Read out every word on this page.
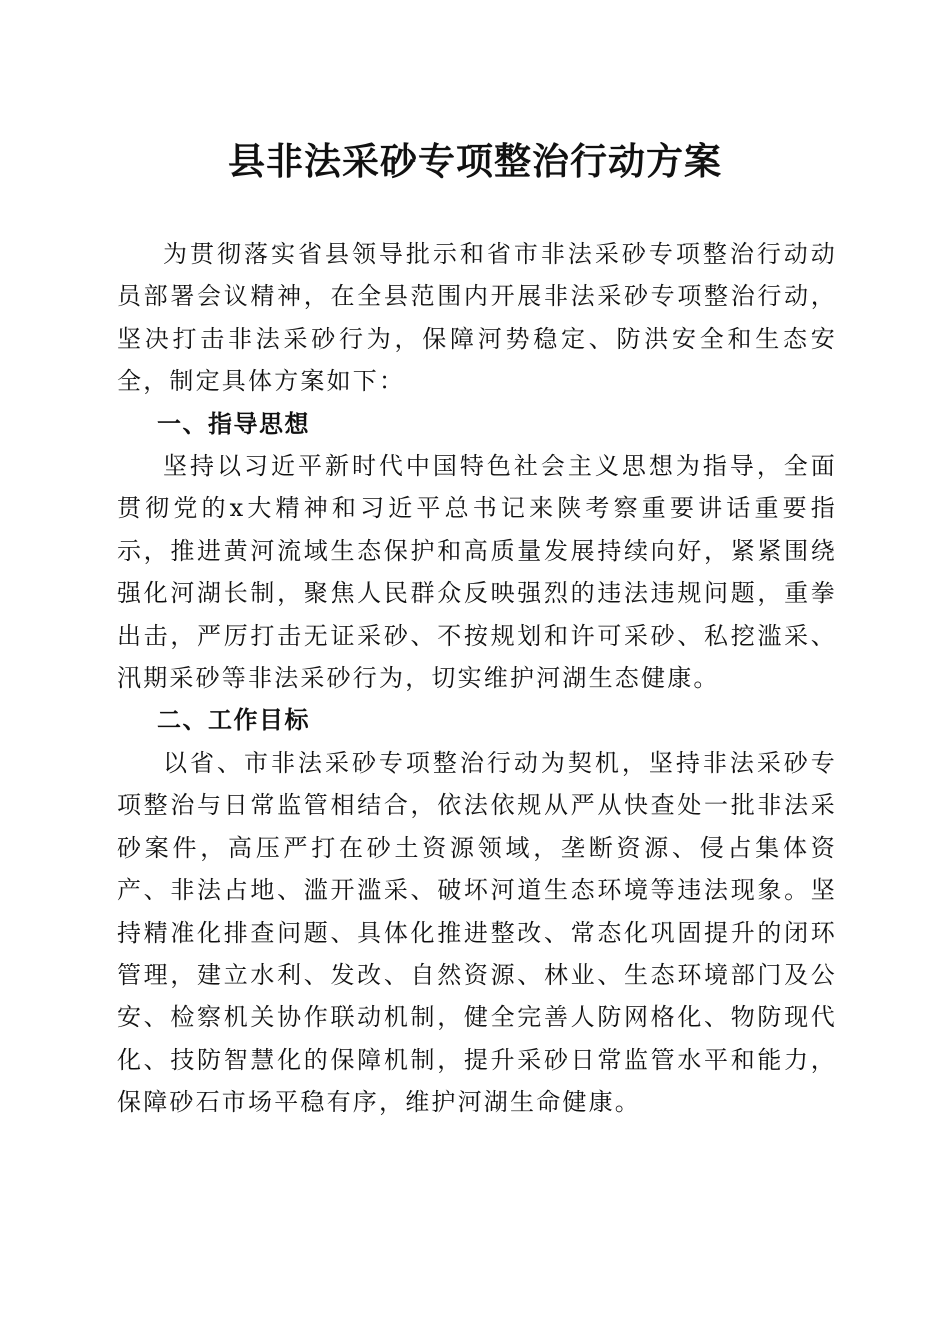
县非法采砂专项整治行动方案

为贯彻落实省县领导批示和省市非法采砂专项整治行动动员部署会议精神，在全县范围内开展非法采砂专项整治行动，坚决打击非法采砂行为，保障河势稳定、防洪安全和生态安全，制定具体方案如下：

一、指导思想

坚持以习近平新时代中国特色社会主义思想为指导，全面贯彻党的x大精神和习近平总书记来陕考察重要讲话重要指示，推进黄河流域生态保护和高质量发展持续向好，紧紧围绕强化河湖长制，聚焦人民群众反映强烈的违法违规问题，重拳出击，严厉打击无证采砂、不按规划和许可采砂、私挖滥采、汛期采砂等非法采砂行为，切实维护河湖生态健康。

二、工作目标

以省、市非法采砂专项整治行动为契机，坚持非法采砂专项整治与日常监管相结合，依法依规从严从快查处一批非法采砂案件，高压严打在砂土资源领域，垄断资源、侵占集体资产、非法占地、滥开滥采、破坏河道生态环境等违法现象。坚持精准化排查问题、具体化推进整改、常态化巩固提升的闭环管理，建立水利、发改、自然资源、林业、生态环境部门及公安、检察机关协作联动机制，健全完善人防网格化、物防现代化、技防智慧化的保障机制，提升采砂日常监管水平和能力，保障砂石市场平稳有序，维护河湖生命健康。
